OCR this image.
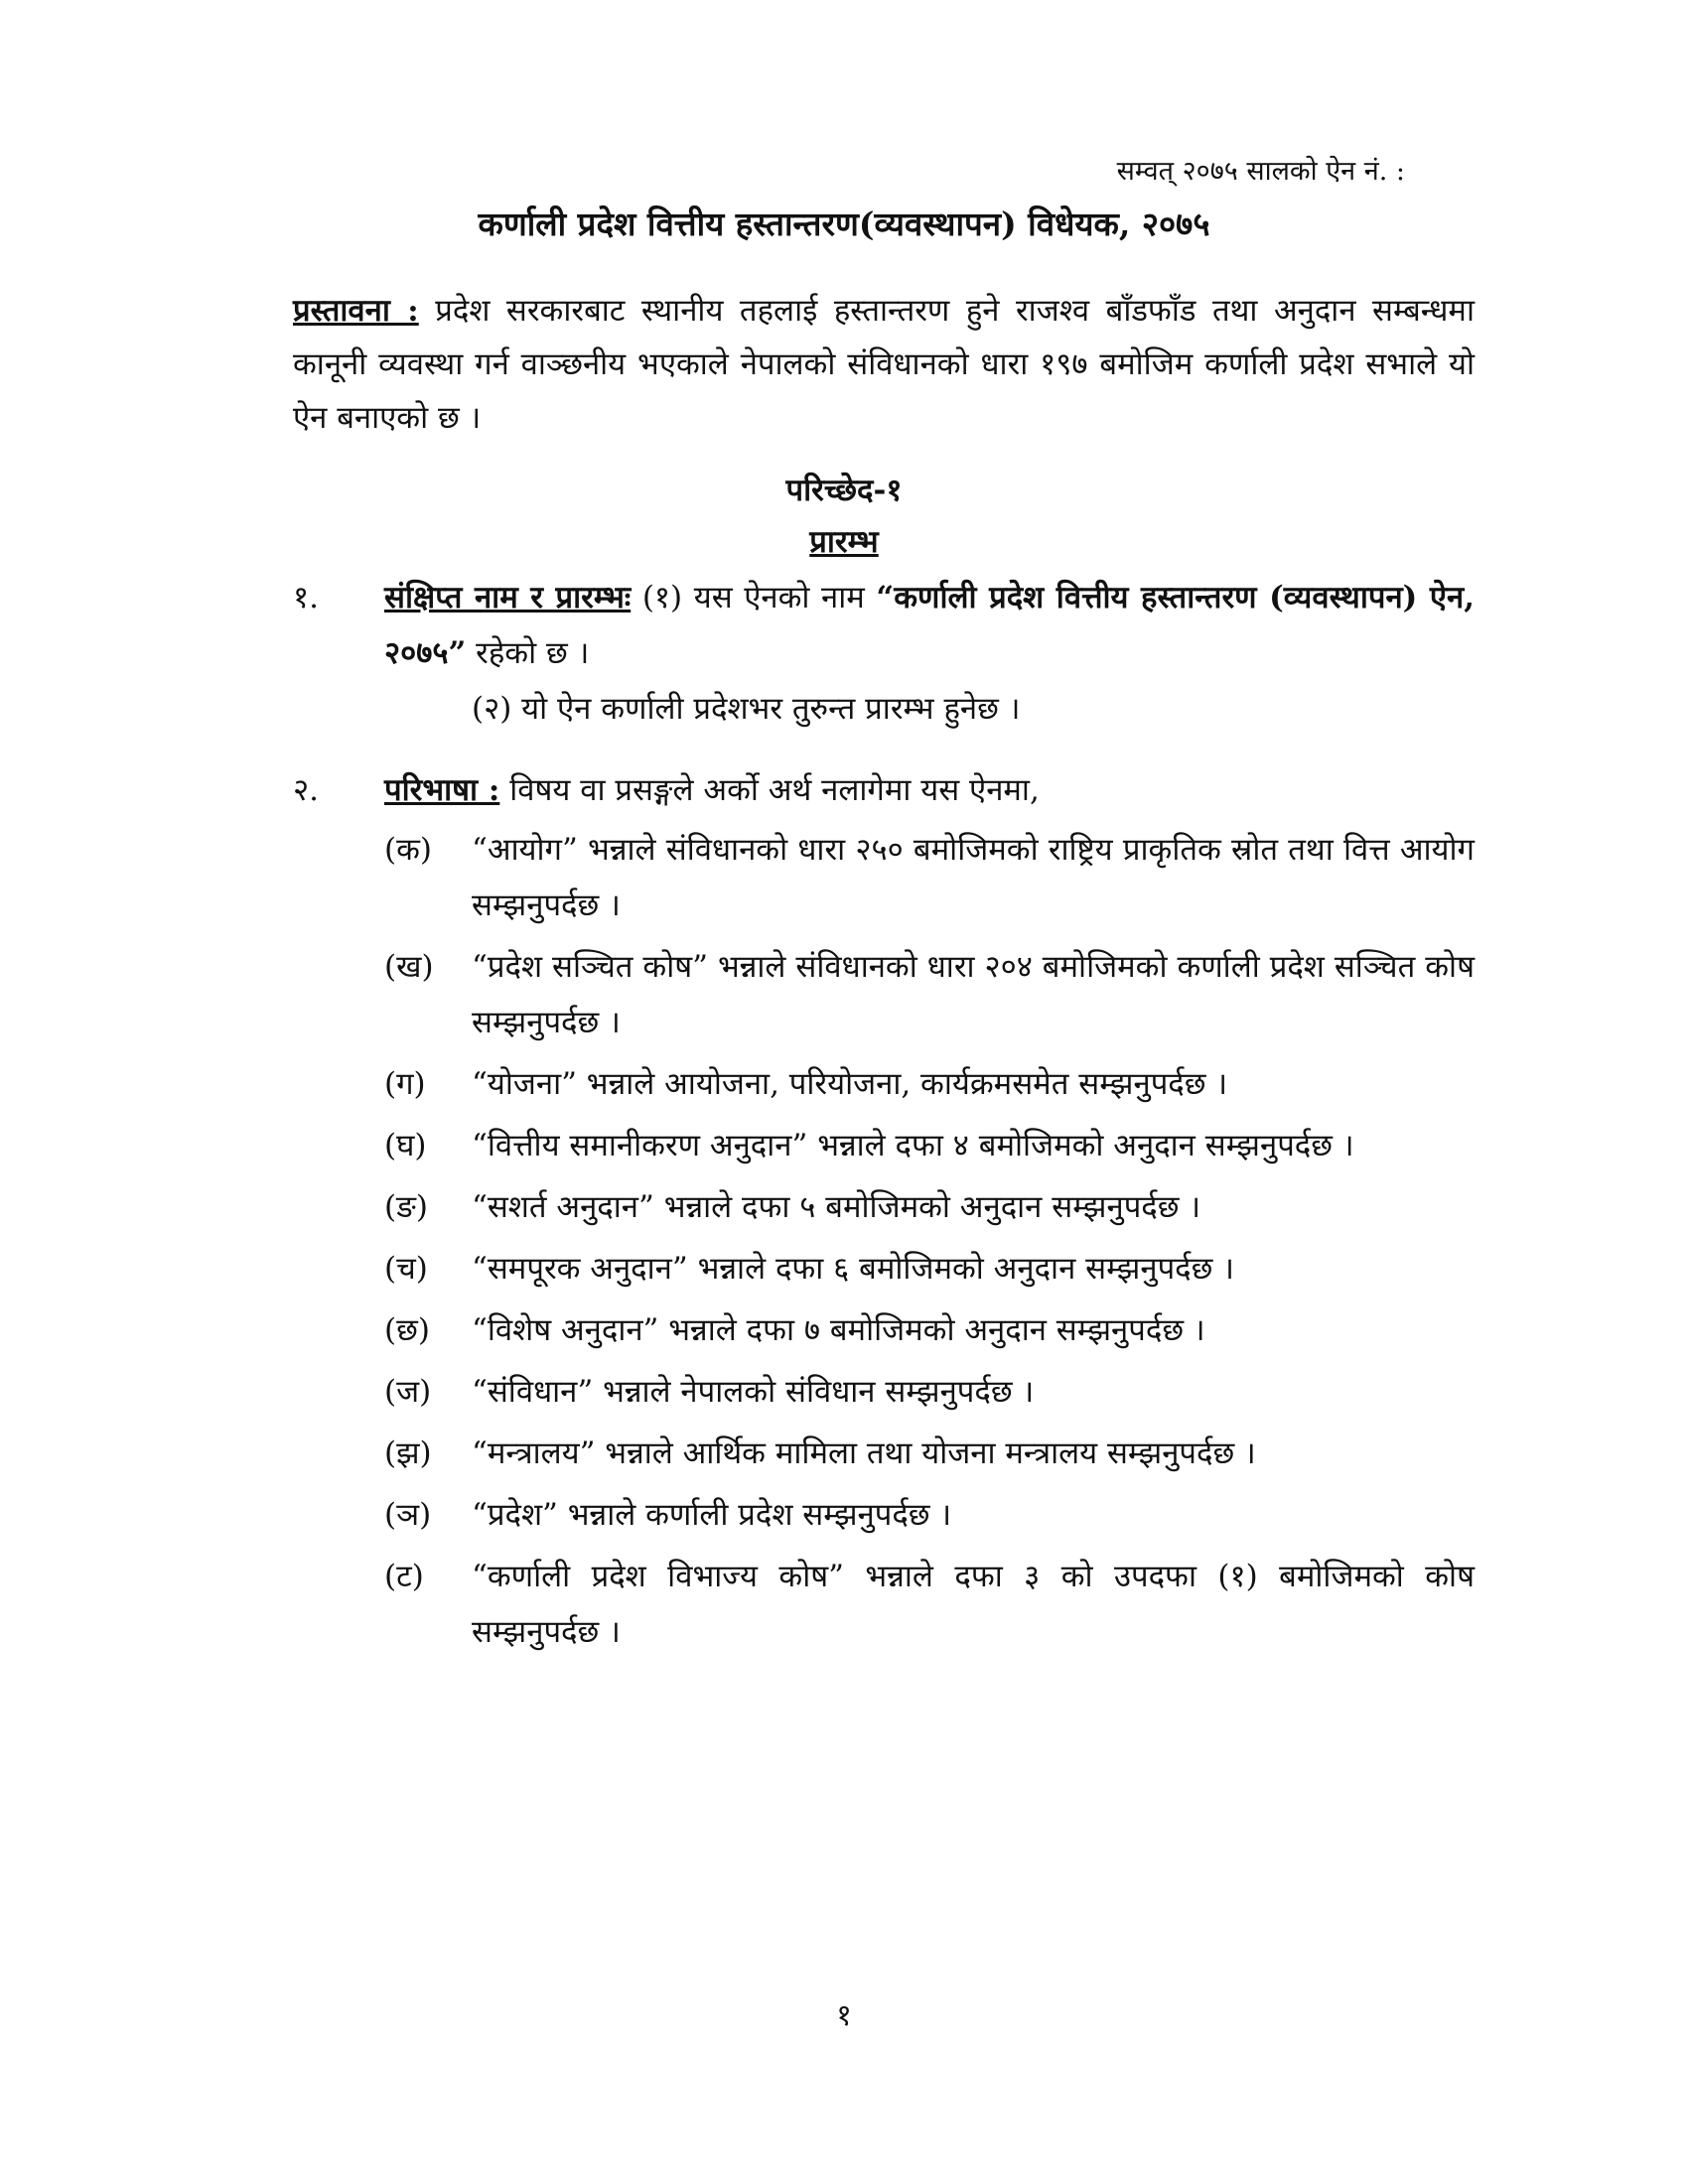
सम्वत् २०७५ सालको ऐन नं. :
कर्णाली प्रदेश वित्तीय हस्तान्तरण(व्यवस्थापन) विधेयक, २०७५
प्रस्तावना : प्रदेश सरकारबाट स्थानीय तहलाई हस्तान्तरण हुने राजश्व बाँडफाँड तथा अनुदान सम्बन्धमा कानूनी व्यवस्था गर्न वाञ्छनीय भएकाले नेपालको संविधानको धारा १९७ बमोजिम कर्णाली प्रदेश सभाले यो ऐन बनाएको छ ।
परिच्छेद-१
प्रारम्भ
१. संक्षिप्त नाम र प्रारम्भः (१) यस ऐनको नाम “कर्णाली प्रदेश वित्तीय हस्तान्तरण (व्यवस्थापन) ऐन, २०७५” रहेको छ ।
(२) यो ऐन कर्णाली प्रदेशभर तुरुन्त प्रारम्भ हुनेछ ।
२. परिभाषा : विषय वा प्रसङ्गले अर्को अर्थ नलागेमा यस ऐनमा,
(क)	“आयोग” भन्नाले संविधानको धारा २५० बमोजिमको राष्ट्रिय प्राकृतिक स्रोत तथा वित्त आयोग सम्झनुपर्दछ ।
(ख)	“प्रदेश सञ्चित कोष” भन्नाले संविधानको धारा २०४ बमोजिमको कर्णाली प्रदेश सञ्चित कोष सम्झनुपर्दछ ।
(ग)	“योजना” भन्नाले आयोजना, परियोजना, कार्यक्रमसमेत सम्झनुपर्दछ ।
(घ)	“वित्तीय समानीकरण अनुदान” भन्नाले दफा ४ बमोजिमको अनुदान सम्झनुपर्दछ ।
(ङ)	“सशर्त अनुदान” भन्नाले दफा ५ बमोजिमको अनुदान सम्झनुपर्दछ ।
(च)	“समपूरक अनुदान” भन्नाले दफा ६ बमोजिमको अनुदान सम्झनुपर्दछ ।
(छ)	“विशेष अनुदान” भन्नाले दफा ७ बमोजिमको अनुदान सम्झनुपर्दछ ।
(ज)	“संविधान” भन्नाले नेपालको संविधान सम्झनुपर्दछ ।
(झ)	“मन्त्रालय” भन्नाले आर्थिक मामिला तथा योजना मन्त्रालय सम्झनुपर्दछ ।
(ञ)	“प्रदेश” भन्नाले कर्णाली प्रदेश सम्झनुपर्दछ ।
(ट)	“कर्णाली प्रदेश विभाज्य कोष” भन्नाले दफा ३ को उपदफा (१) बमोजिमको कोष सम्झनुपर्दछ ।
१
